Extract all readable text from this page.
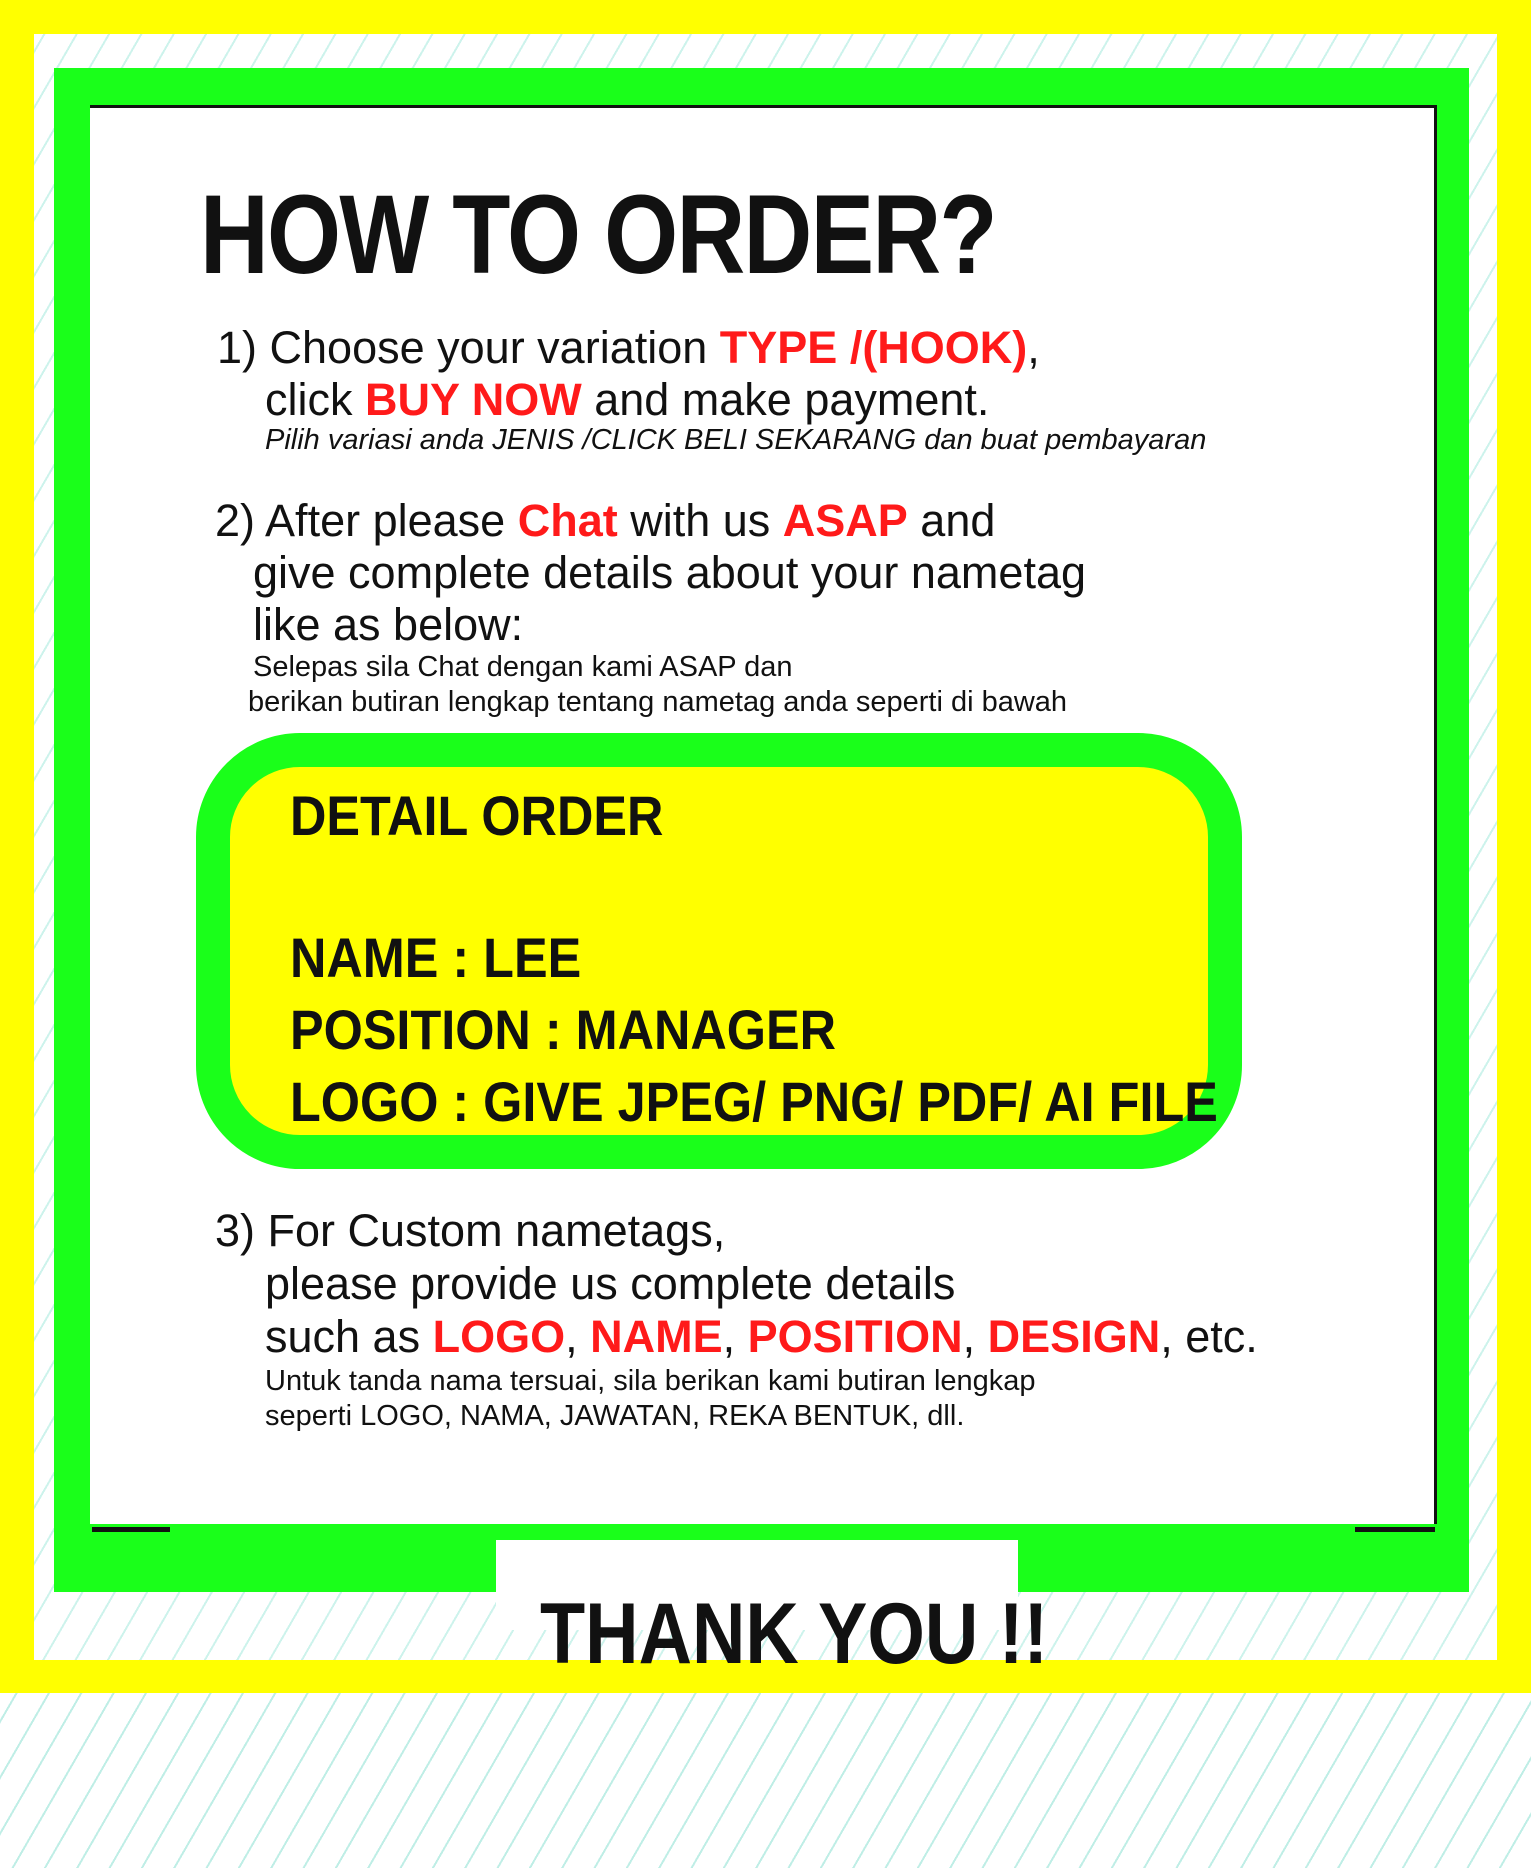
HOW TO ORDER?
1) Choose your variation TYPE /(HOOK),
click BUY NOW and make payment.
Pilih variasi anda JENIS /CLICK BELI SEKARANG dan buat pembayaran
2) After please Chat with us ASAP and
give complete details about your nametag
like as below:
Selepas sila Chat dengan kami ASAP dan
berikan butiran lengkap tentang nametag anda seperti di bawah
DETAIL ORDER
NAME : LEE
POSITION : MANAGER
LOGO : GIVE JPEG/ PNG/ PDF/ AI FILE
3) For Custom nametags,
please provide us complete details
such as LOGO, NAME, POSITION, DESIGN, etc.
Untuk tanda nama tersuai, sila berikan kami butiran lengkap
seperti LOGO, NAMA, JAWATAN, REKA BENTUK, dll.
THANK YOU !!
